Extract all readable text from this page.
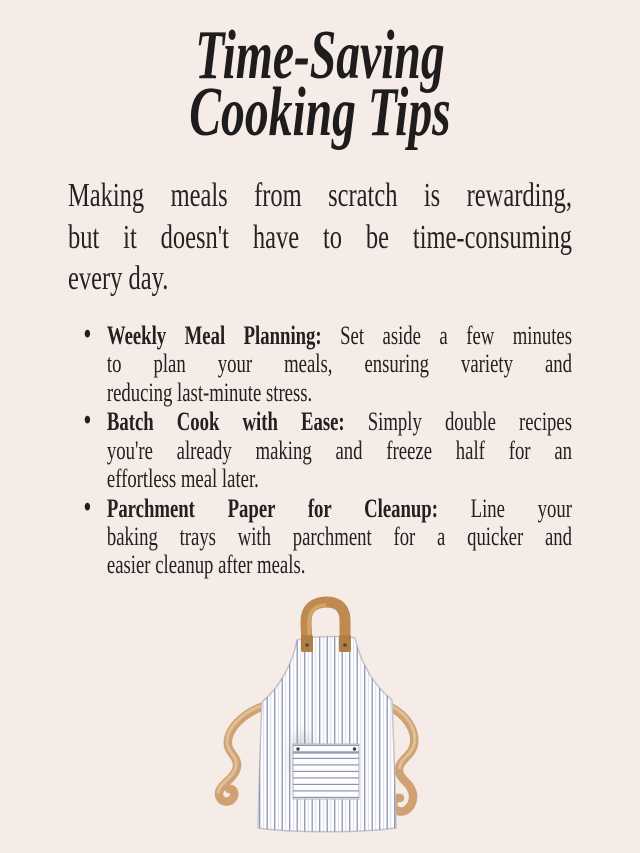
Time-Saving
Cooking Tips
Making meals from scratch is rewarding,
but it doesn't have to be time-consuming
every day.
• Weekly Meal Planning: Set aside a few minutes
to plan your meals, ensuring variety and
reducing last-minute stress.
• Batch Cook with Ease: Simply double recipes
you're already making and freeze half for an
effortless meal later.
• Parchment Paper for Cleanup: Line your
baking trays with parchment for a quicker and
easier cleanup after meals.
